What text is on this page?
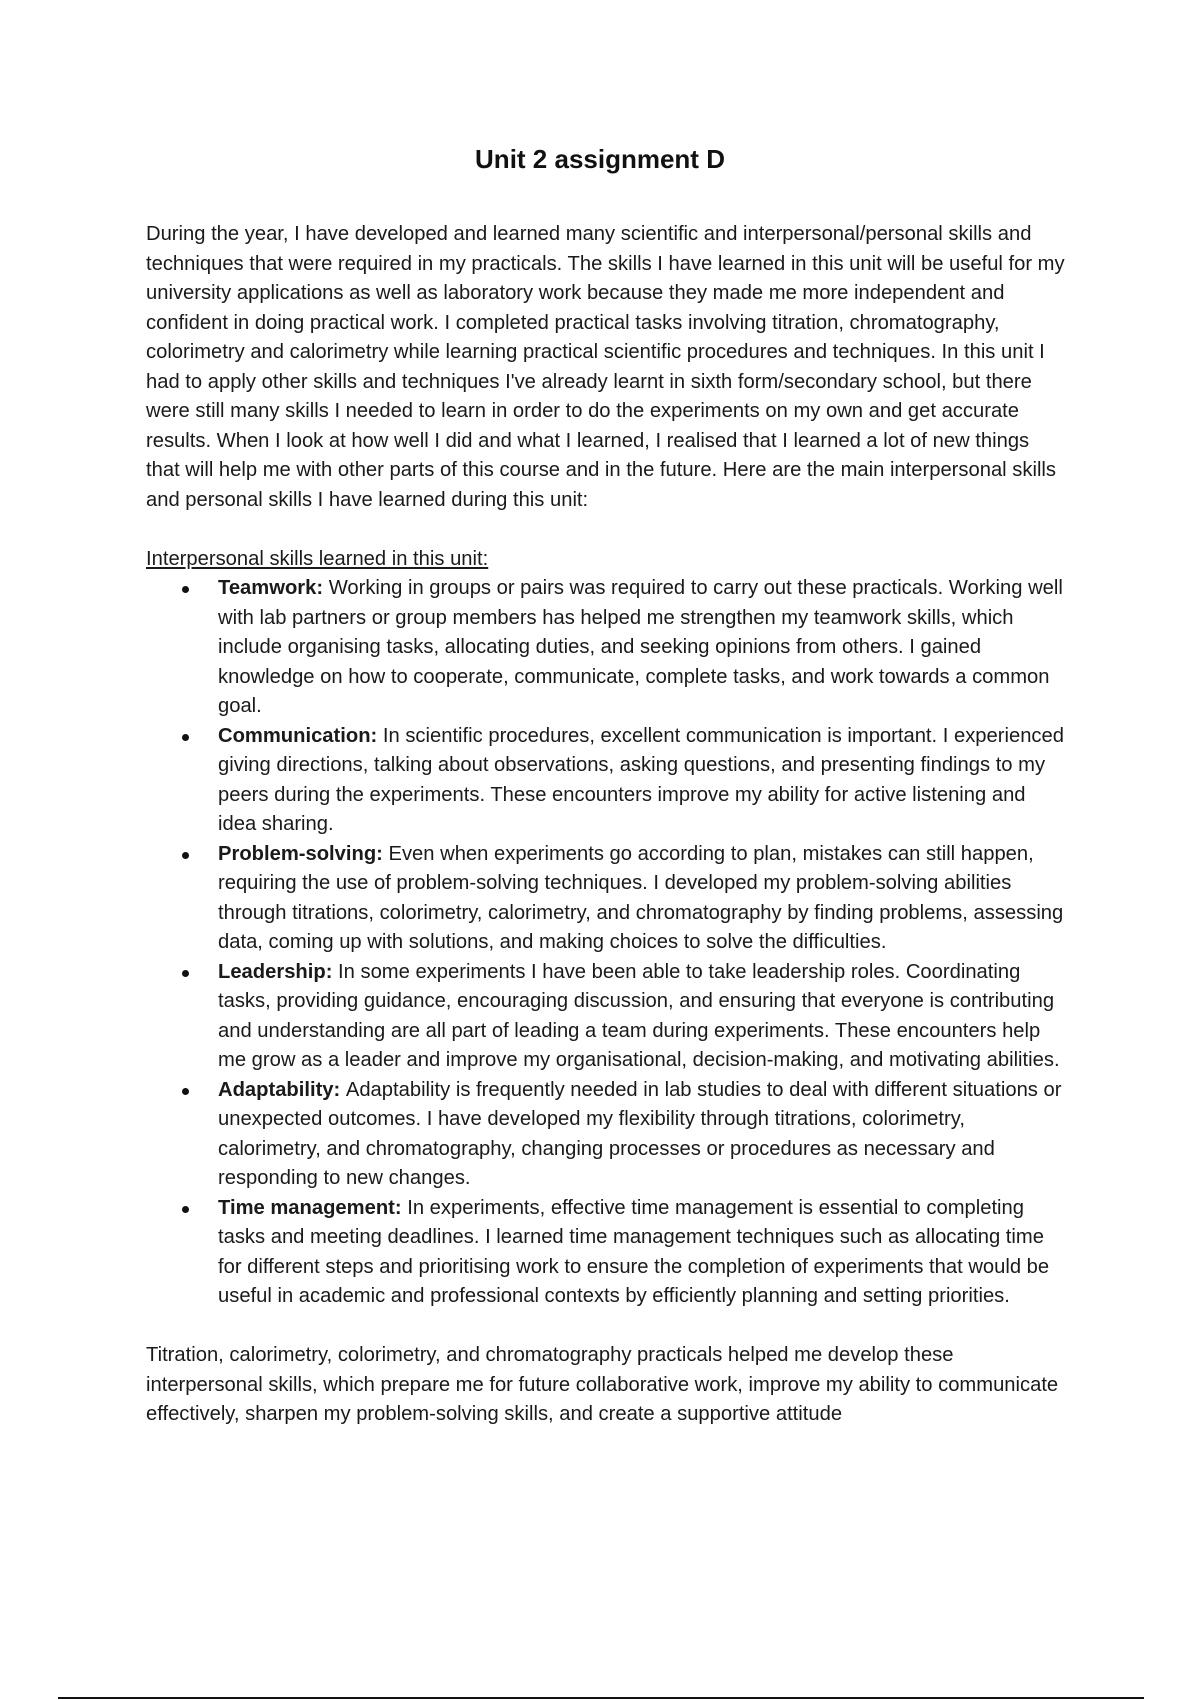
Unit 2 assignment D

During the year, I have developed and learned many scientific and interpersonal/personal skills and techniques that were required in my practicals. The skills I have learned in this unit will be useful for my university applications as well as laboratory work because they made me more independent and confident in doing practical work. I completed practical tasks involving titration, chromatography, colorimetry and calorimetry while learning practical scientific procedures and techniques. In this unit I had to apply other skills and techniques I've already learnt in sixth form/secondary school, but there were still many skills I needed to learn in order to do the experiments on my own and get accurate results. When I look at how well I did and what I learned, I realised that I learned a lot of new things that will help me with other parts of this course and in the future. Here are the main interpersonal skills and personal skills I have learned during this unit:

Interpersonal skills learned in this unit:

Teamwork: Working in groups or pairs was required to carry out these practicals. Working well with lab partners or group members has helped me strengthen my teamwork skills, which include organising tasks, allocating duties, and seeking opinions from others. I gained knowledge on how to cooperate, communicate, complete tasks, and work towards a common goal.
Communication: In scientific procedures, excellent communication is important. I experienced giving directions, talking about observations, asking questions, and presenting findings to my peers during the experiments. These encounters improve my ability for active listening and idea sharing.
Problem-solving: Even when experiments go according to plan, mistakes can still happen, requiring the use of problem-solving techniques. I developed my problem-solving abilities through titrations, colorimetry, calorimetry, and chromatography by finding problems, assessing data, coming up with solutions, and making choices to solve the difficulties.
Leadership: In some experiments I have been able to take leadership roles. Coordinating tasks, providing guidance, encouraging discussion, and ensuring that everyone is contributing and understanding are all part of leading a team during experiments. These encounters help me grow as a leader and improve my organisational, decision-making, and motivating abilities.
Adaptability: Adaptability is frequently needed in lab studies to deal with different situations or unexpected outcomes. I have developed my flexibility through titrations, colorimetry, calorimetry, and chromatography, changing processes or procedures as necessary and responding to new changes.
Time management: In experiments, effective time management is essential to completing tasks and meeting deadlines. I learned time management techniques such as allocating time for different steps and prioritising work to ensure the completion of experiments that would be useful in academic and professional contexts by efficiently planning and setting priorities.

Titration, calorimetry, colorimetry, and chromatography practicals helped me develop these interpersonal skills, which prepare me for future collaborative work, improve my ability to communicate effectively, sharpen my problem-solving skills, and create a supportive attitude
